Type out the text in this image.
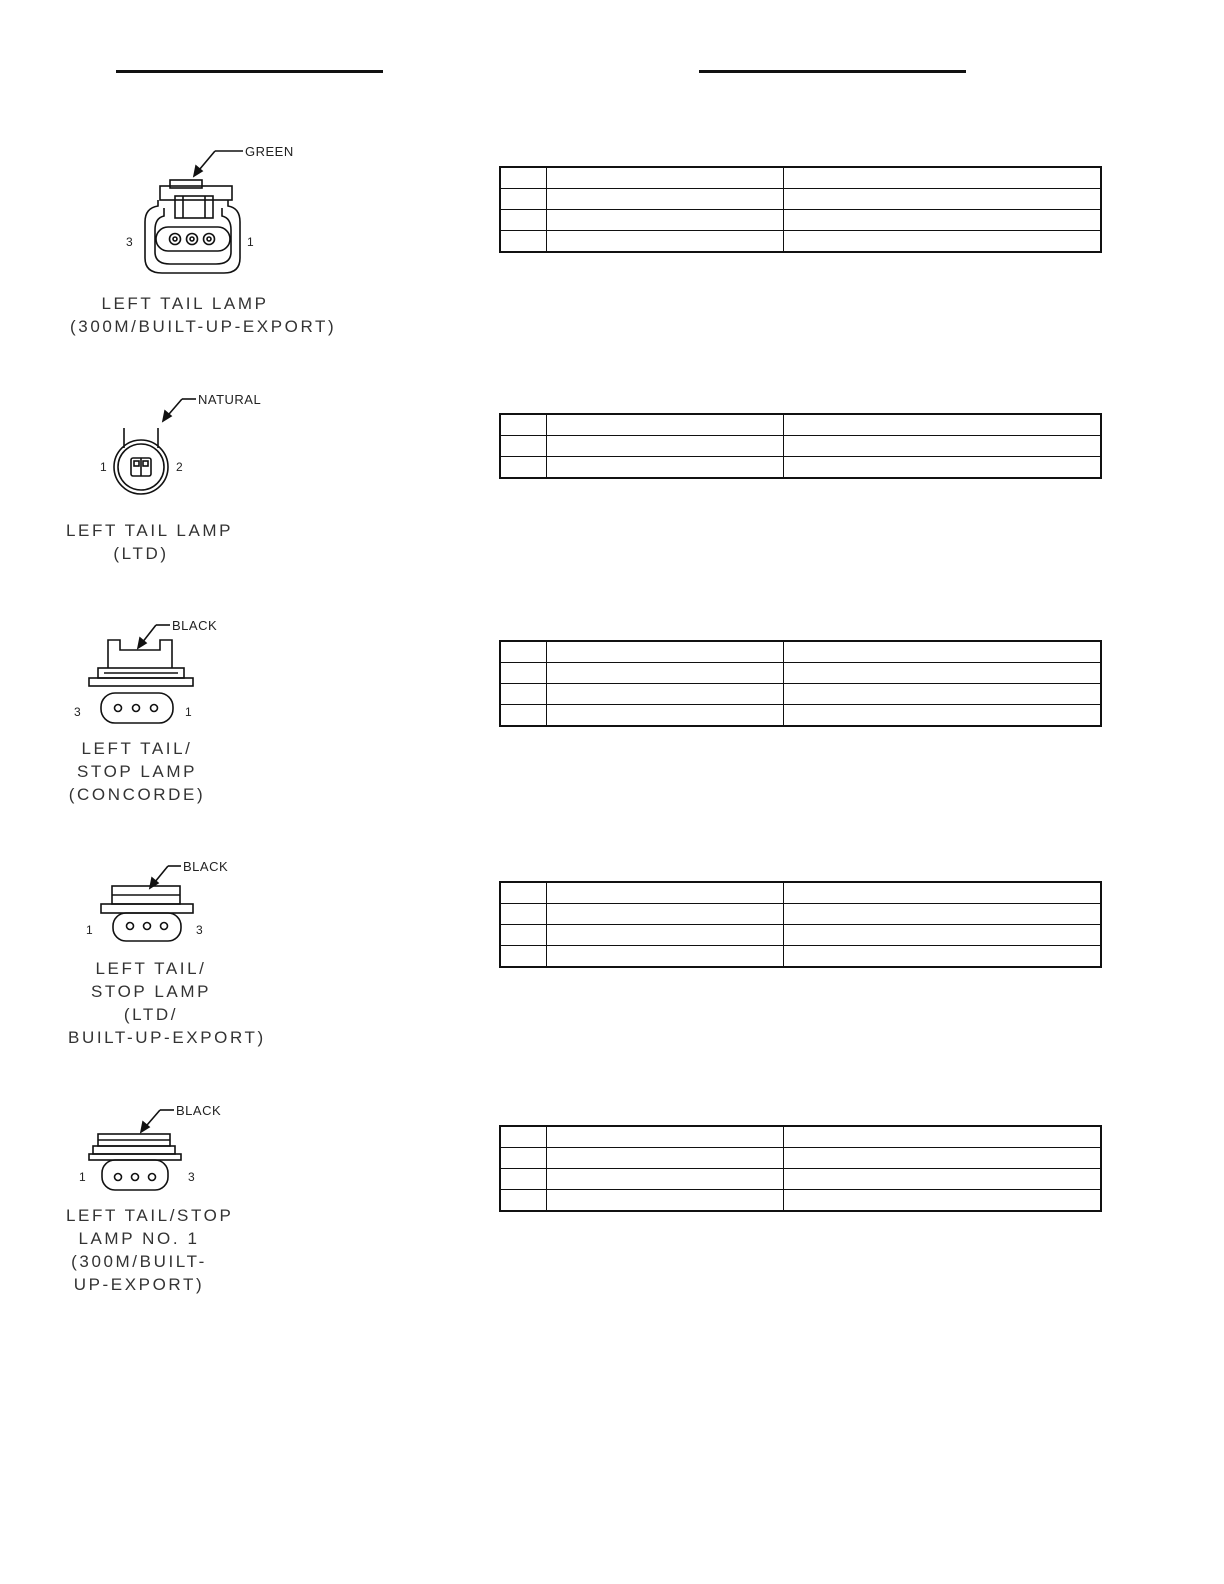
GREEN
NATURAL
BLACK
BLACK
BLACK
3	1
1	2
3	1
1	3
1	3
LEFT TAIL LAMP
(300M/BUILT-UP-EXPORT)
LEFT TAIL LAMP
(LTD)
LEFT TAIL/
STOP LAMP
(CONCORDE)
LEFT TAIL/
STOP LAMP
(LTD/
BUILT-UP-EXPORT)
LEFT TAIL/STOP
LAMP NO. 1
(300M/BUILT-
UP-EXPORT)
